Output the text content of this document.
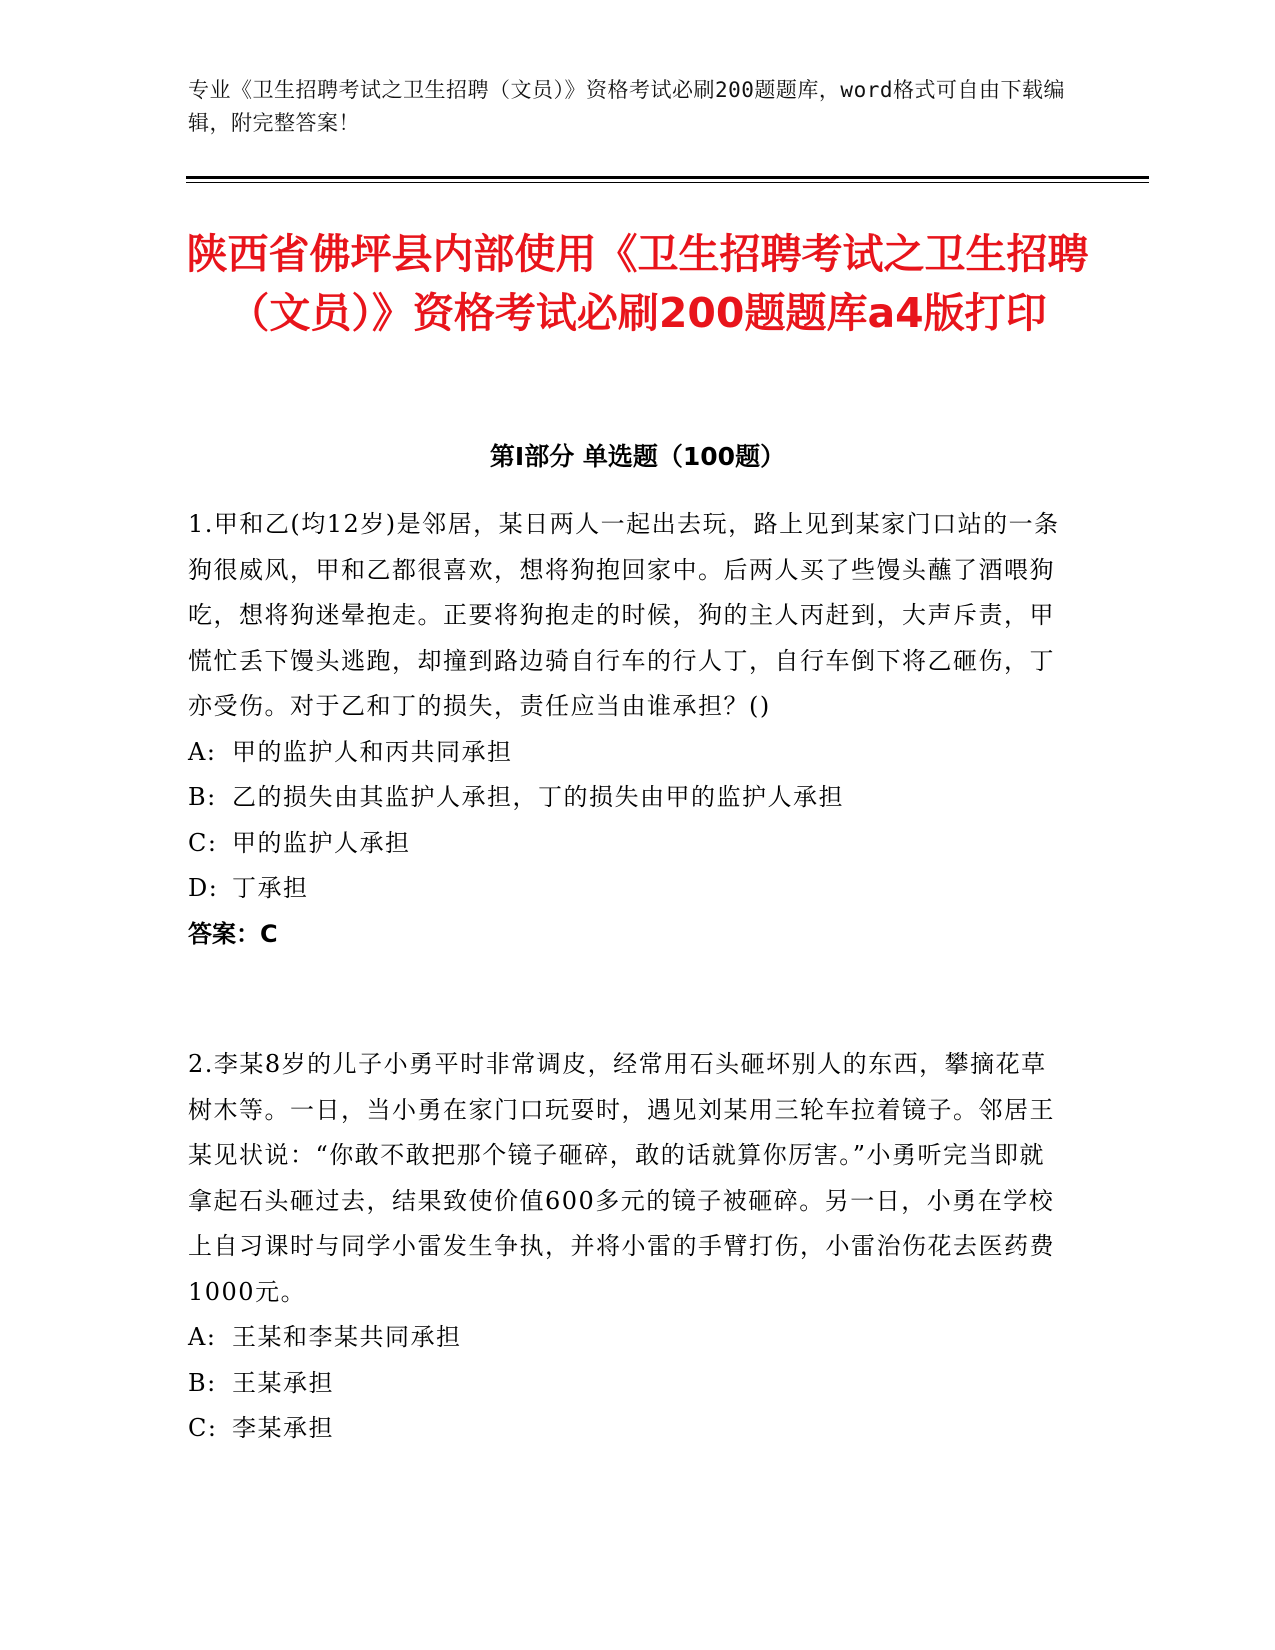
专业《卫生招聘考试之卫生招聘（文员）》资格考试必刷200题题库，word格式可自由下载编辑，附完整答案！
陕西省佛坪县内部使用《卫生招聘考试之卫生招聘（文员）》资格考试必刷200题题库a4版打印
第Ⅰ部分 单选题（100题）
1.甲和乙(均12岁)是邻居，某日两人一起出去玩，路上见到某家门口站的一条狗很威风，甲和乙都很喜欢，想将狗抱回家中。后两人买了些馒头蘸了酒喂狗吃，想将狗迷晕抱走。正要将狗抱走的时候，狗的主人丙赶到，大声斥责，甲慌忙丢下馒头逃跑，却撞到路边骑自行车的行人丁，自行车倒下将乙砸伤，丁亦受伤。对于乙和丁的损失，责任应当由谁承担？()
A: 甲的监护人和丙共同承担
B: 乙的损失由其监护人承担，丁的损失由甲的监护人承担
C: 甲的监护人承担
D: 丁承担
答案：C
2.李某8岁的儿子小勇平时非常调皮，经常用石头砸坏别人的东西，攀摘花草树木等。一日，当小勇在家门口玩耍时，遇见刘某用三轮车拉着镜子。邻居王某见状说：“你敢不敢把那个镜子砸碎，敢的话就算你厉害。”小勇听完当即就拿起石头砸过去，结果致使价值600多元的镜子被砸碎。另一日，小勇在学校上自习课时与同学小雷发生争执，并将小雷的手臂打伤，小雷治伤花去医药费1000元。
A: 王某和李某共同承担
B: 王某承担
C: 李某承担
